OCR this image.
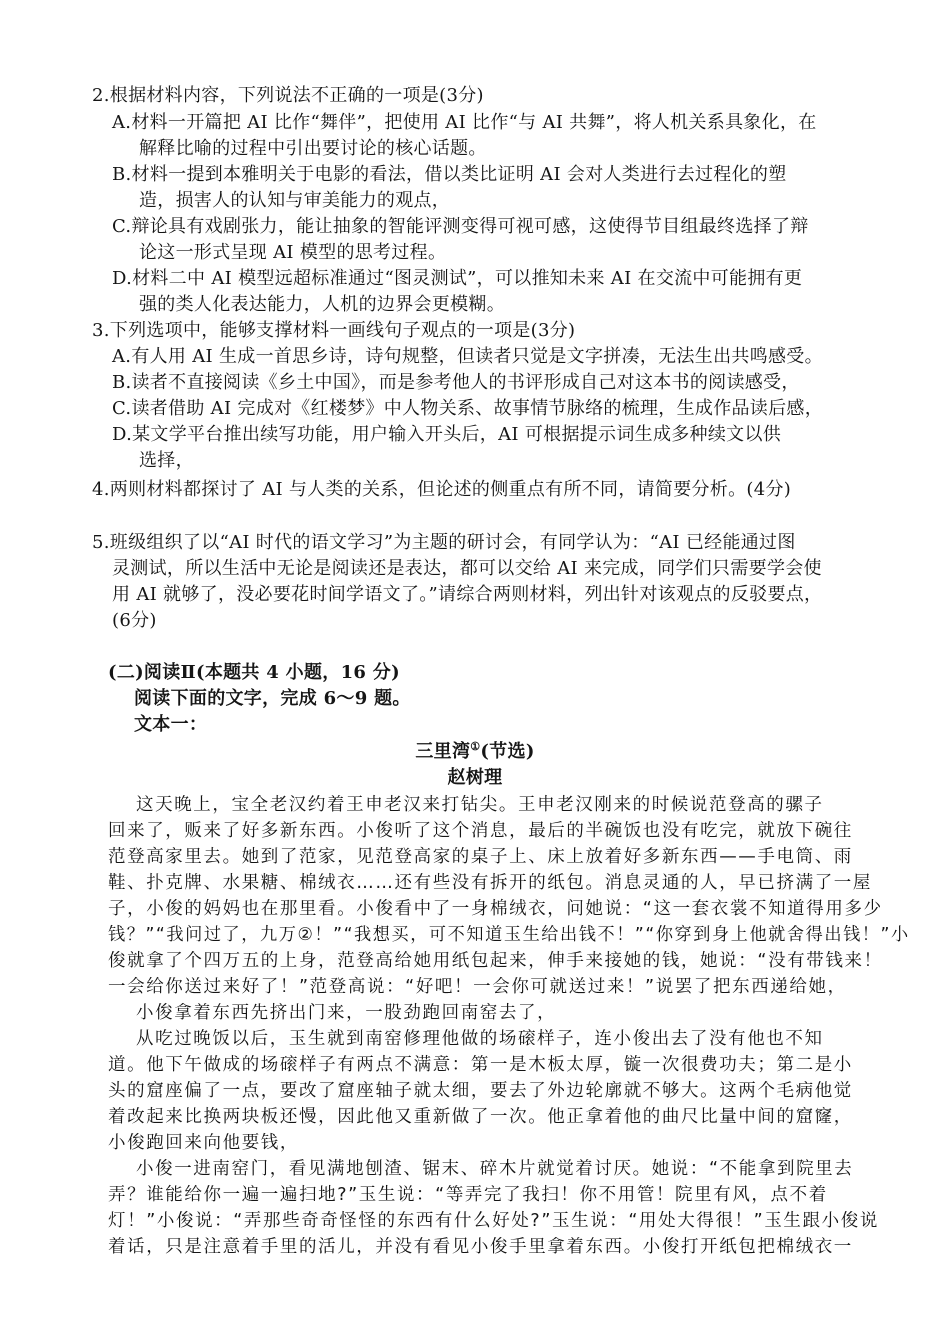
2.根据材料内容，下列说法不正确的一项是(3分)
A.材料一开篇把 AI 比作“舞伴”，把使用 AI 比作“与 AI 共舞”，将人机关系具象化，在
解释比喻的过程中引出要讨论的核心话题。
B.材料一提到本雅明关于电影的看法，借以类比证明 AI 会对人类进行去过程化的塑
造，损害人的认知与审美能力的观点，
C.辩论具有戏剧张力，能让抽象的智能评测变得可视可感，这使得节目组最终选择了辩
论这一形式呈现 AI 模型的思考过程。
D.材料二中 AI 模型远超标准通过“图灵测试”，可以推知未来 AI 在交流中可能拥有更
强的类人化表达能力，人机的边界会更模糊。
3.下列选项中，能够支撑材料一画线句子观点的一项是(3分)
A.有人用 AI 生成一首思乡诗，诗句规整，但读者只觉是文字拼凑，无法生出共鸣感受。
B.读者不直接阅读《乡土中国》，而是参考他人的书评形成自己对这本书的阅读感受，
C.读者借助 AI 完成对《红楼梦》中人物关系、故事情节脉络的梳理，生成作品读后感，
D.某文学平台推出续写功能，用户输入开头后，AI 可根据提示词生成多种续文以供
选择，
4.两则材料都探讨了 AI 与人类的关系，但论述的侧重点有所不同，请简要分析。(4分)
5.班级组织了以“AI 时代的语文学习”为主题的研讨会，有同学认为：“AI 已经能通过图
灵测试，所以生活中无论是阅读还是表达，都可以交给 AI 来完成，同学们只需要学会使
用 AI 就够了，没必要花时间学语文了。”请综合两则材料，列出针对该观点的反驳要点，
(6分)
(二)阅读Ⅱ(本题共 4 小题，16 分)
阅读下面的文字，完成 6～9 题。
文本一：
三里湾①(节选)
赵树理
这天晚上，宝全老汉约着王申老汉来打钻尖。王申老汉刚来的时候说范登高的骡子
回来了，贩来了好多新东西。小俊听了这个消息，最后的半碗饭也没有吃完，就放下碗往
范登高家里去。她到了范家，见范登高家的桌子上、床上放着好多新东西——手电筒、雨
鞋、扑克牌、水果糖、棉绒衣……还有些没有拆开的纸包。消息灵通的人，早已挤满了一屋
子，小俊的妈妈也在那里看。小俊看中了一身棉绒衣，问她说：“这一套衣裳不知道得用多少
钱？”“我问过了，九万②！”“我想买，可不知道玉生给出钱不！”“你穿到身上他就舍得出钱！”小
俊就拿了个四万五的上身，范登高给她用纸包起来，伸手来接她的钱，她说：“没有带钱来！
一会给你送过来好了！”范登高说：“好吧！一会你可就送过来！”说罢了把东西递给她，
小俊拿着东西先挤出门来，一股劲跑回南窑去了，
从吃过晚饭以后，玉生就到南窑修理他做的场磙样子，连小俊出去了没有他也不知
道。他下午做成的场磙样子有两点不满意：第一是木板太厚，镟一次很费功夫；第二是小
头的窟座偏了一点，要改了窟座轴子就太细，要去了外边轮廓就不够大。这两个毛病他觉
着改起来比换两块板还慢，因此他又重新做了一次。他正拿着他的曲尺比量中间的窟窿，
小俊跑回来向他要钱，
小俊一进南窑门，看见满地刨渣、锯末、碎木片就觉着讨厌。她说：“不能拿到院里去
弄？谁能给你一遍一遍扫地?”玉生说：“等弄完了我扫！你不用管！院里有风，点不着
灯！”小俊说：“弄那些奇奇怪怪的东西有什么好处?”玉生说：“用处大得很！”玉生跟小俊说
着话，只是注意着手里的活儿，并没有看见小俊手里拿着东西。小俊打开纸包把棉绒衣一
